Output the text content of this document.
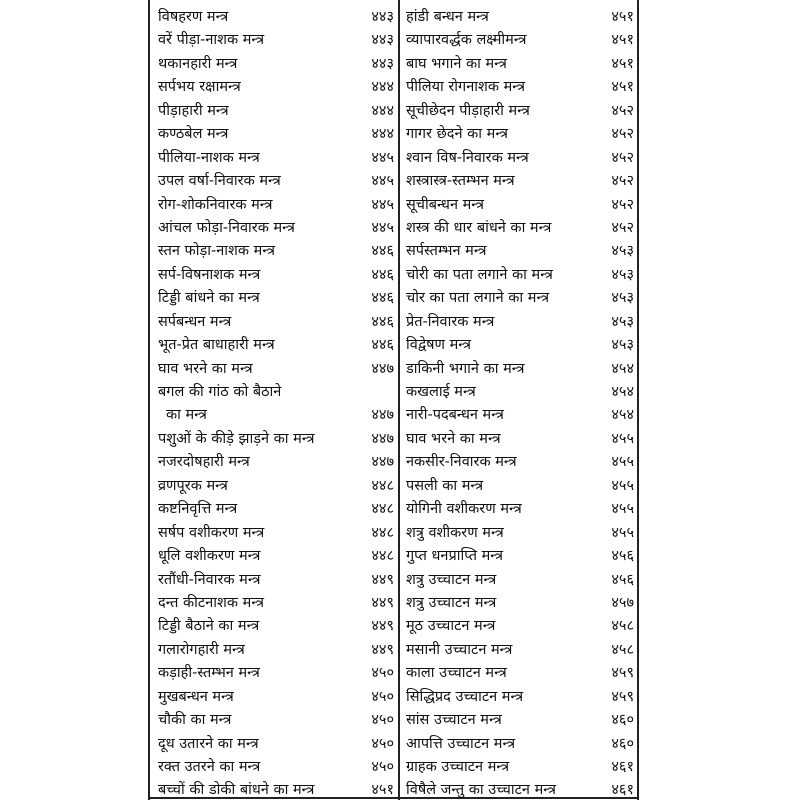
विषहरण मन्त्र	४४३
वरें पीड़ा-नाशक मन्त्र	४४३
थकानहारी मन्त्र	४४३
सर्पभय रक्षामन्त्र	४४४
पीड़ाहारी मन्त्र	४४४
कण्ठबेल मन्त्र	४४४
पीलिया-नाशक मन्त्र	४४५
उपल वर्षा-निवारक मन्त्र	४४५
रोग-शोकनिवारक मन्त्र	४४५
आंचल फोड़ा-निवारक मन्त्र	४४५
स्तन फोड़ा-नाशक मन्त्र	४४६
सर्प-विषनाशक मन्त्र	४४६
टिड्डी बांधने का मन्त्र	४४६
सर्पबन्धन मन्त्र	४४६
भूत-प्रेत बाधाहारी मन्त्र	४४६
घाव भरने का मन्त्र	४४७
बगल की गांठ को बैठाने
का मन्त्र	४४७
पशुओं के कीड़े झाड़ने का मन्त्र	४४७
नजरदोषहारी मन्त्र	४४७
व्रणपूरक मन्त्र	४४८
कष्टनिवृत्ति मन्त्र	४४८
सर्षप वशीकरण मन्त्र	४४८
धूलि वशीकरण मन्त्र	४४८
रतौंधी-निवारक मन्त्र	४४९
दन्त कीटनाशक मन्त्र	४४९
टिड्डी बैठाने का मन्त्र	४४९
गलारोगहारी मन्त्र	४४९
कड़ाही-स्तम्भन मन्त्र	४५०
मुखबन्धन मन्त्र	४५०
चौकी का मन्त्र	४५०
दूध उतारने का मन्त्र	४५०
रक्त उतरने का मन्त्र	४५०
बच्चों की डोकी बांधने का मन्त्र	४५१
हांडी बन्धन मन्त्र	४५१
व्यापारवर्द्धक लक्ष्मीमन्त्र	४५१
बाघ भगाने का मन्त्र	४५१
पीलिया रोगनाशक मन्त्र	४५१
सूचीछेदन पीड़ाहारी मन्त्र	४५२
गागर छेदने का मन्त्र	४५२
श्वान विष-निवारक मन्त्र	४५२
शस्त्रास्त्र-स्तम्भन मन्त्र	४५२
सूचीबन्धन मन्त्र	४५२
शस्त्र की धार बांधने का मन्त्र	४५२
सर्पस्तम्भन मन्त्र	४५३
चोरी का पता लगाने का मन्त्र	४५३
चोर का पता लगाने का मन्त्र	४५३
प्रेत-निवारक मन्त्र	४५३
विद्वेषण मन्त्र	४५३
डाकिनी भगाने का मन्त्र	४५४
कखलाई मन्त्र	४५४
नारी-पदबन्धन मन्त्र	४५४
घाव भरने का मन्त्र	४५५
नकसीर-निवारक मन्त्र	४५५
पसली का मन्त्र	४५५
योगिनी वशीकरण मन्त्र	४५५
शत्रु वशीकरण मन्त्र	४५५
गुप्त धनप्राप्ति मन्त्र	४५६
शत्रु उच्चाटन मन्त्र	४५६
शत्रु उच्चाटन मन्त्र	४५७
मूठ उच्चाटन मन्त्र	४५८
मसानी उच्चाटन मन्त्र	४५८
काला उच्चाटन मन्त्र	४५९
सिद्धिप्रद उच्चाटन मन्त्र	४५९
सांस उच्चाटन मन्त्र	४६०
आपत्ति उच्चाटन मन्त्र	४६०
ग्राहक उच्चाटन मन्त्र	४६१
विषैले जन्तु का उच्चाटन मन्त्र	४६१
